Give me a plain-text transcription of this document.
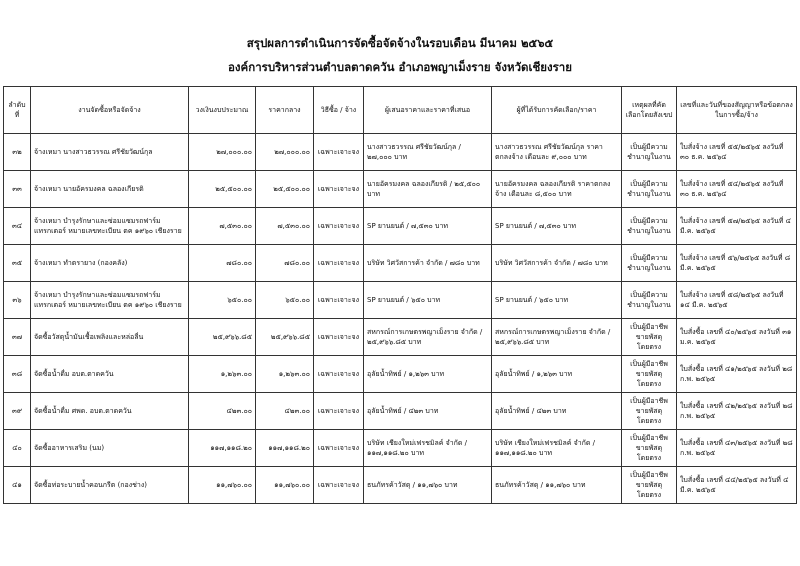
สรุปผลการดำเนินการจัดซื้อจัดจ้างในรอบเดือน มีนาคม ๒๕๖๕
องค์การบริหารส่วนตำบลตาดควัน อำเภอพญาเม็งราย จังหวัดเชียงราย
ลำดับที่	งานจัดซื้อหรือจัดจ้าง	วงเงินงบประมาณ	ราคากลาง	วิธีซื้อ / จ้าง	ผู้เสนอราคาและราคาที่เสนอ	ผู้ที่ได้รับการคัดเลือก/ราคา	เหตุผลที่คัดเลือกโดยสังเขป	เลขที่และวันที่ของสัญญาหรือข้อตกลงในการซื้อ/จ้าง
๓๒	จ้างเหมา นางสาวธวรรณ ศรีชัยวัฒน์กุล	๒๗,๐๐๐.๐๐	๒๗,๐๐๐.๐๐	เฉพาะเจาะจง	นางสาวธวรรณ ศรีชัยวัฒน์กุล / ๒๗,๐๐๐ บาท	นางสาวธวรรณ ศรีชัยวัฒน์กุล ราคาตกลงจ้าง เดือนละ ๙,๐๐๐ บาท	เป็นผู้มีความชำนาญในงาน	ใบสั่งจ้าง เลขที่ ๕๕/๒๕๖๕ ลงวันที่ ๓๐ ธ.ค. ๒๕๖๔
๓๓	จ้างเหมา นายอัครมงคล ฉลองเกียรติ	๒๕,๕๐๐.๐๐	๒๕,๕๐๐.๐๐	เฉพาะเจาะจง	นายอัครมงคล ฉลองเกียรติ / ๒๕,๕๐๐ บาท	นายอัครมงคล ฉลองเกียรติ ราคาตกลงจ้าง เดือนละ ๘,๕๐๐ บาท	เป็นผู้มีความชำนาญในงาน	ใบสั่งจ้าง เลขที่ ๕๔/๒๕๖๕ ลงวันที่ ๓๐ ธ.ค. ๒๕๖๔
๓๔	จ้างเหมา บำรุงรักษาและซ่อมแซมรถฟาร์มแทรกเตอร์ หมายเลขทะเบียน ตค ๑๙๖๐ เชียงราย	๗,๕๓๐.๐๐	๗,๕๓๐.๐๐	เฉพาะเจาะจง	SP ยานยนต์ / ๗,๕๓๐ บาท	SP ยานยนต์ / ๗,๕๓๐ บาท	เป็นผู้มีความชำนาญในงาน	ใบสั่งจ้าง เลขที่ ๕๗/๒๕๖๕ ลงวันที่ ๔ มี.ค. ๒๕๖๕
๓๕	จ้างเหมา ทำตรายาง (กองคลัง)	๗๘๐.๐๐	๗๘๐.๐๐	เฉพาะเจาะจง	บริษัท วิศวัสการค้า จำกัด / ๗๘๐ บาท	บริษัท วิศวัสการค้า จำกัด / ๗๘๐ บาท	เป็นผู้มีความชำนาญในงาน	ใบสั่งจ้าง เลขที่ ๕๖/๒๕๖๕ ลงวันที่ ๘ มี.ค. ๒๕๖๕
๓๖	จ้างเหมา บำรุงรักษาและซ่อมแซมรถฟาร์มแทรกเตอร์ หมายเลขทะเบียน ตค ๑๙๖๐ เชียงราย	๖๕๐.๐๐	๖๕๐.๐๐	เฉพาะเจาะจง	SP ยานยนต์ / ๖๕๐ บาท	SP ยานยนต์ / ๖๕๐ บาท	เป็นผู้มีความชำนาญในงาน	ใบสั่งจ้าง เลขที่ ๕๘/๒๕๖๕ ลงวันที่ ๑๔ มี.ค. ๒๕๖๕
๓๗	จัดซื้อวัสดุน้ำมันเชื้อเพลิงและหล่อลื่น	๒๕,๙๖๖.๘๕	๒๕,๙๖๖.๘๕	เฉพาะเจาะจง	สหกรณ์การเกษตรพญาเม็งราย จำกัด / ๒๕,๙๖๖.๘๕ บาท	สหกรณ์การเกษตรพญาเม็งราย จำกัด / ๒๕,๙๖๖.๘๕ บาท	เป็นผู้มีอาชีพขายพัสดุโดยตรง	ใบสั่งซื้อ เลขที่ ๔๐/๒๕๖๕ ลงวันที่ ๓๑ ม.ค. ๒๕๖๕
๓๘	จัดซื้อน้ำดื่ม อบต.ตาดควัน	๑,๒๖๓.๐๐	๑,๒๖๓.๐๐	เฉพาะเจาะจง	อุลัยน้ำทิพย์ / ๑,๒๖๓ บาท	อุลัยน้ำทิพย์ / ๑,๒๖๓ บาท	เป็นผู้มีอาชีพขายพัสดุโดยตรง	ใบสั่งซื้อ เลขที่ ๔๑/๒๕๖๕ ลงวันที่ ๒๘ ก.พ. ๒๕๖๕
๓๙	จัดซื้อน้ำดื่ม ศพด. อบต.ตาดควัน	๔๒๓.๐๐	๔๒๓.๐๐	เฉพาะเจาะจง	อุลัยน้ำทิพย์ / ๔๒๓ บาท	อุลัยน้ำทิพย์ / ๔๒๓ บาท	เป็นผู้มีอาชีพขายพัสดุโดยตรง	ใบสั่งซื้อ เลขที่ ๔๒/๒๕๖๕ ลงวันที่ ๒๘ ก.พ. ๒๕๖๕
๔๐	จัดซื้ออาหารเสริม (นม)	๑๑๗,๑๑๘.๒๐	๑๑๗,๑๑๘.๒๐	เฉพาะเจาะจง	บริษัท เชียงใหม่เฟรชมิลค์ จำกัด / ๑๑๗,๑๑๘.๒๐ บาท	บริษัท เชียงใหม่เฟรชมิลค์ จำกัด / ๑๑๗,๑๑๘.๒๐ บาท	เป็นผู้มีอาชีพขายพัสดุโดยตรง	ใบสั่งซื้อ เลขที่ ๔๓/๒๕๖๕ ลงวันที่ ๒๘ ก.พ. ๒๕๖๕
๔๑	จัดซื้อท่อระบายน้ำคอนกรีต (กองช่าง)	๑๑,๗๖๐.๐๐	๑๑,๗๖๐.๐๐	เฉพาะเจาะจง	ธนภัทรค้าวัสดุ / ๑๑,๗๖๐ บาท	ธนภัทรค้าวัสดุ / ๑๑,๗๖๐ บาท	เป็นผู้มีอาชีพขายพัสดุโดยตรง	ใบสั่งซื้อ เลขที่ ๔๔/๒๕๖๕ ลงวันที่ ๔ มี.ค. ๒๕๖๕
